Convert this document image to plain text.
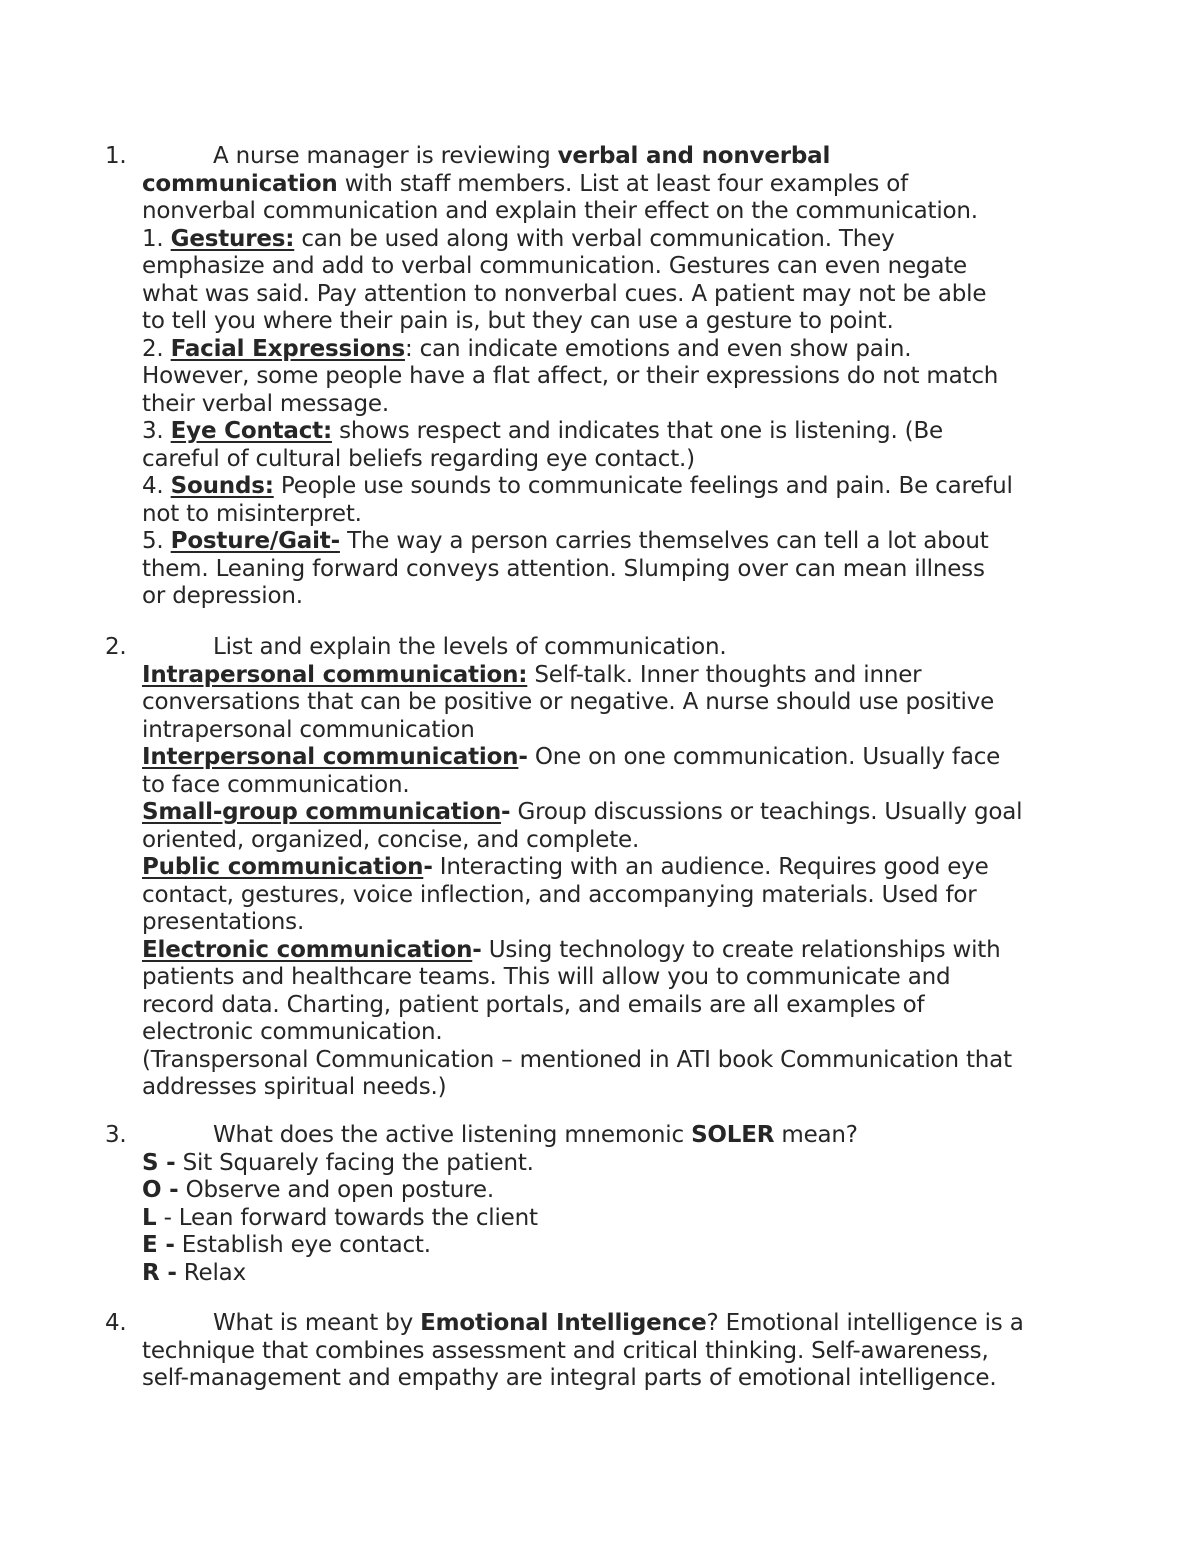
1.	A nurse manager is reviewing verbal and nonverbal
communication with staff members. List at least four examples of
nonverbal communication and explain their effect on the communication.
1. Gestures: can be used along with verbal communication. They
emphasize and add to verbal communication. Gestures can even negate
what was said. Pay attention to nonverbal cues. A patient may not be able
to tell you where their pain is, but they can use a gesture to point.
2. Facial Expressions: can indicate emotions and even show pain.
However, some people have a flat affect, or their expressions do not match
their verbal message.
3. Eye Contact: shows respect and indicates that one is listening. (Be
careful of cultural beliefs regarding eye contact.)
4. Sounds: People use sounds to communicate feelings and pain. Be careful
not to misinterpret.
5. Posture/Gait- The way a person carries themselves can tell a lot about
them. Leaning forward conveys attention. Slumping over can mean illness
or depression.
2.	List and explain the levels of communication.
Intrapersonal communication: Self-talk. Inner thoughts and inner
conversations that can be positive or negative. A nurse should use positive
intrapersonal communication
Interpersonal communication- One on one communication. Usually face
to face communication.
Small-group communication- Group discussions or teachings. Usually goal
oriented, organized, concise, and complete.
Public communication- Interacting with an audience. Requires good eye
contact, gestures, voice inflection, and accompanying materials. Used for
presentations.
Electronic communication- Using technology to create relationships with
patients and healthcare teams. This will allow you to communicate and
record data. Charting, patient portals, and emails are all examples of
electronic communication.
(Transpersonal Communication – mentioned in ATI book Communication that
addresses spiritual needs.)
3.	What does the active listening mnemonic SOLER mean?
S - Sit Squarely facing the patient.
O - Observe and open posture.
L - Lean forward towards the client
E - Establish eye contact.
R - Relax
4.	What is meant by Emotional Intelligence? Emotional intelligence is a
technique that combines assessment and critical thinking. Self-awareness,
self-management and empathy are integral parts of emotional intelligence.
